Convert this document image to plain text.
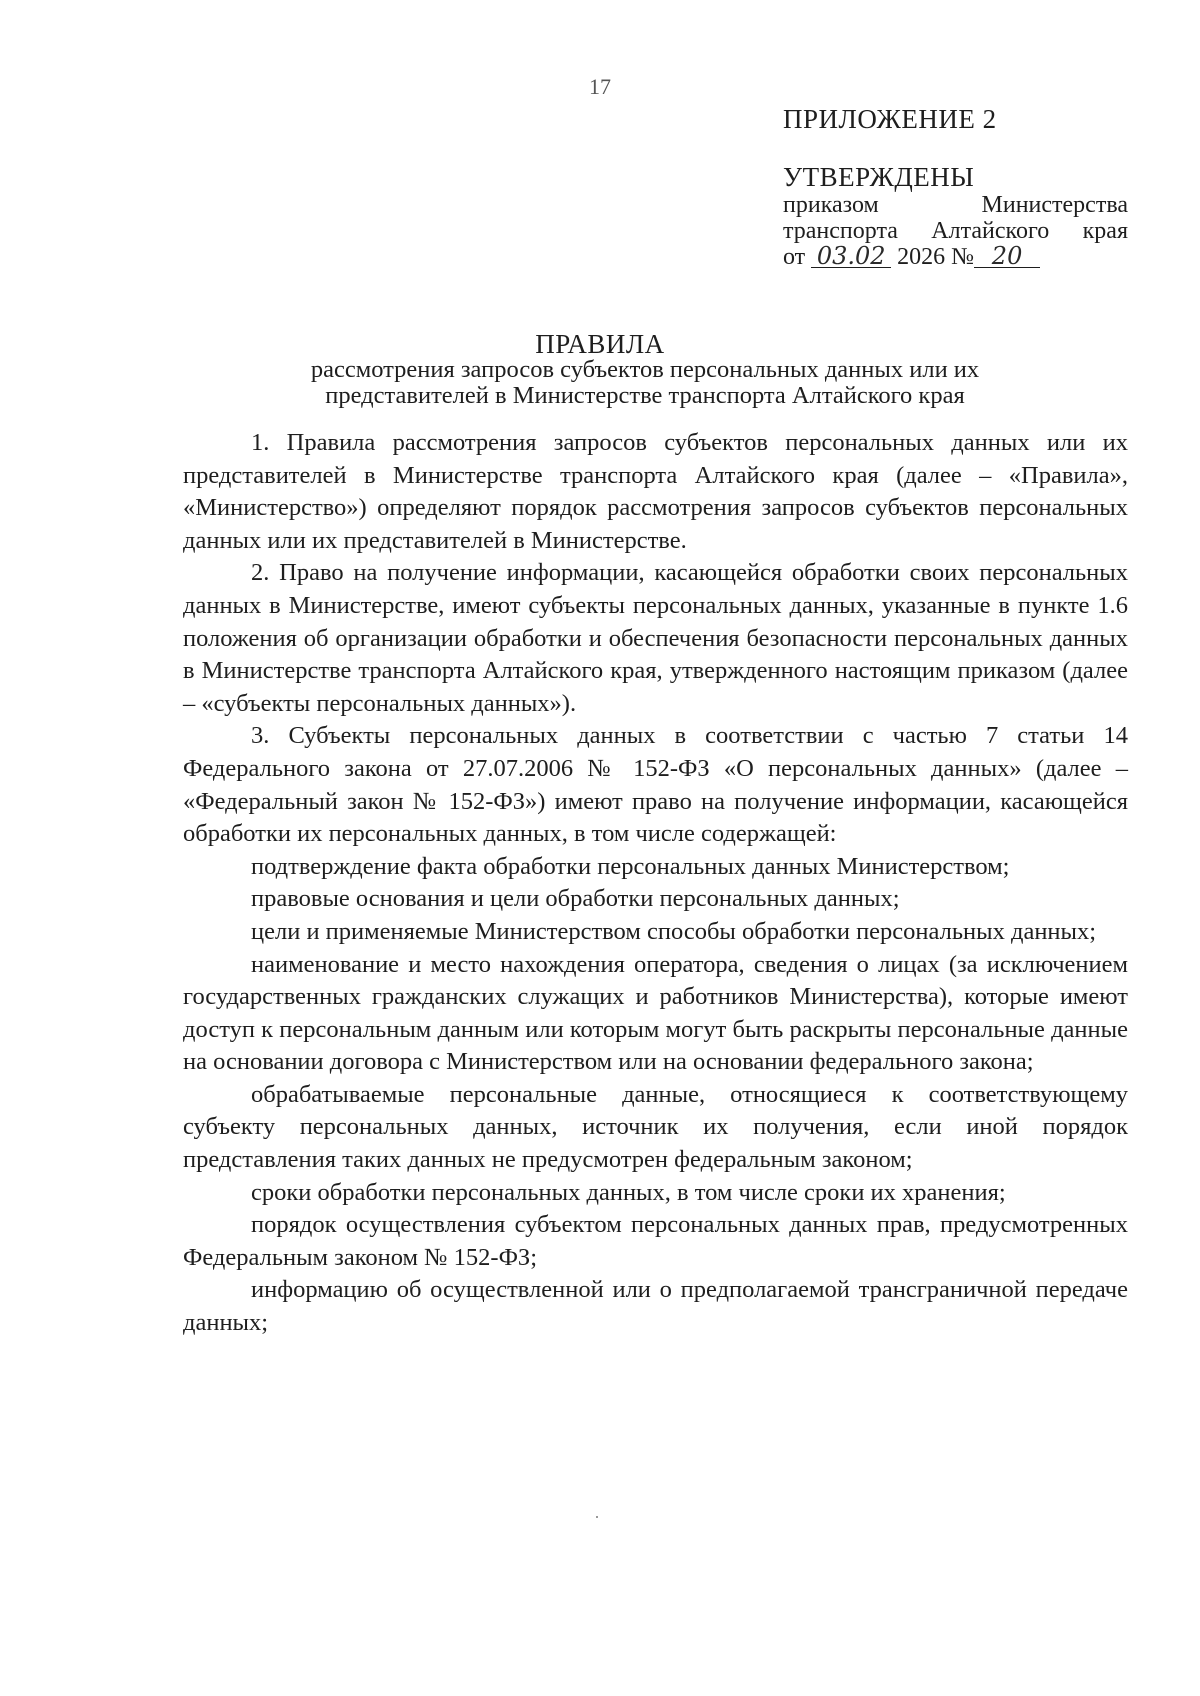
17
ПРИЛОЖЕНИЕ 2
УТВЕРЖДЕНЫ
приказом Министерства
транспорта Алтайского края
от 03.02 2026 № 20
ПРАВИЛА
рассмотрения запросов субъектов персональных данных или их представителей в Министерстве транспорта Алтайского края

1. Правила рассмотрения запросов субъектов персональных данных или их представителей в Министерстве транспорта Алтайского края (далее – «Правила», «Министерство») определяют порядок рассмотрения запросов субъектов персональных данных или их представителей в Министерстве.

2. Право на получение информации, касающейся обработки своих персональных данных в Министерстве, имеют субъекты персональных данных, указанные в пункте 1.6 положения об организации обработки и обеспечения безопасности персональных данных в Министерстве транспорта Алтайского края, утвержденного настоящим приказом (далее – «субъекты персональных данных»).

3. Субъекты персональных данных в соответствии с частью 7 статьи 14 Федерального закона от 27.07.2006 № 152-ФЗ «О персональных данных» (далее – «Федеральный закон № 152-ФЗ») имеют право на получение информации, касающейся обработки их персональных данных, в том числе содержащей:

подтверждение факта обработки персональных данных Министерством;

правовые основания и цели обработки персональных данных;

цели и применяемые Министерством способы обработки персональных данных;

наименование и место нахождения оператора, сведения о лицах (за исключением государственных гражданских служащих и работников Министерства), которые имеют доступ к персональным данным или которым могут быть раскрыты персональные данные на основании договора с Министерством или на основании федерального закона;

обрабатываемые персональные данные, относящиеся к соответствующему субъекту персональных данных, источник их получения, если иной порядок представления таких данных не предусмотрен федеральным законом;

сроки обработки персональных данных, в том числе сроки их хранения;

порядок осуществления субъектом персональных данных прав, предусмотренных Федеральным законом № 152-ФЗ;

информацию об осуществленной или о предполагаемой трансграничной передаче данных;
